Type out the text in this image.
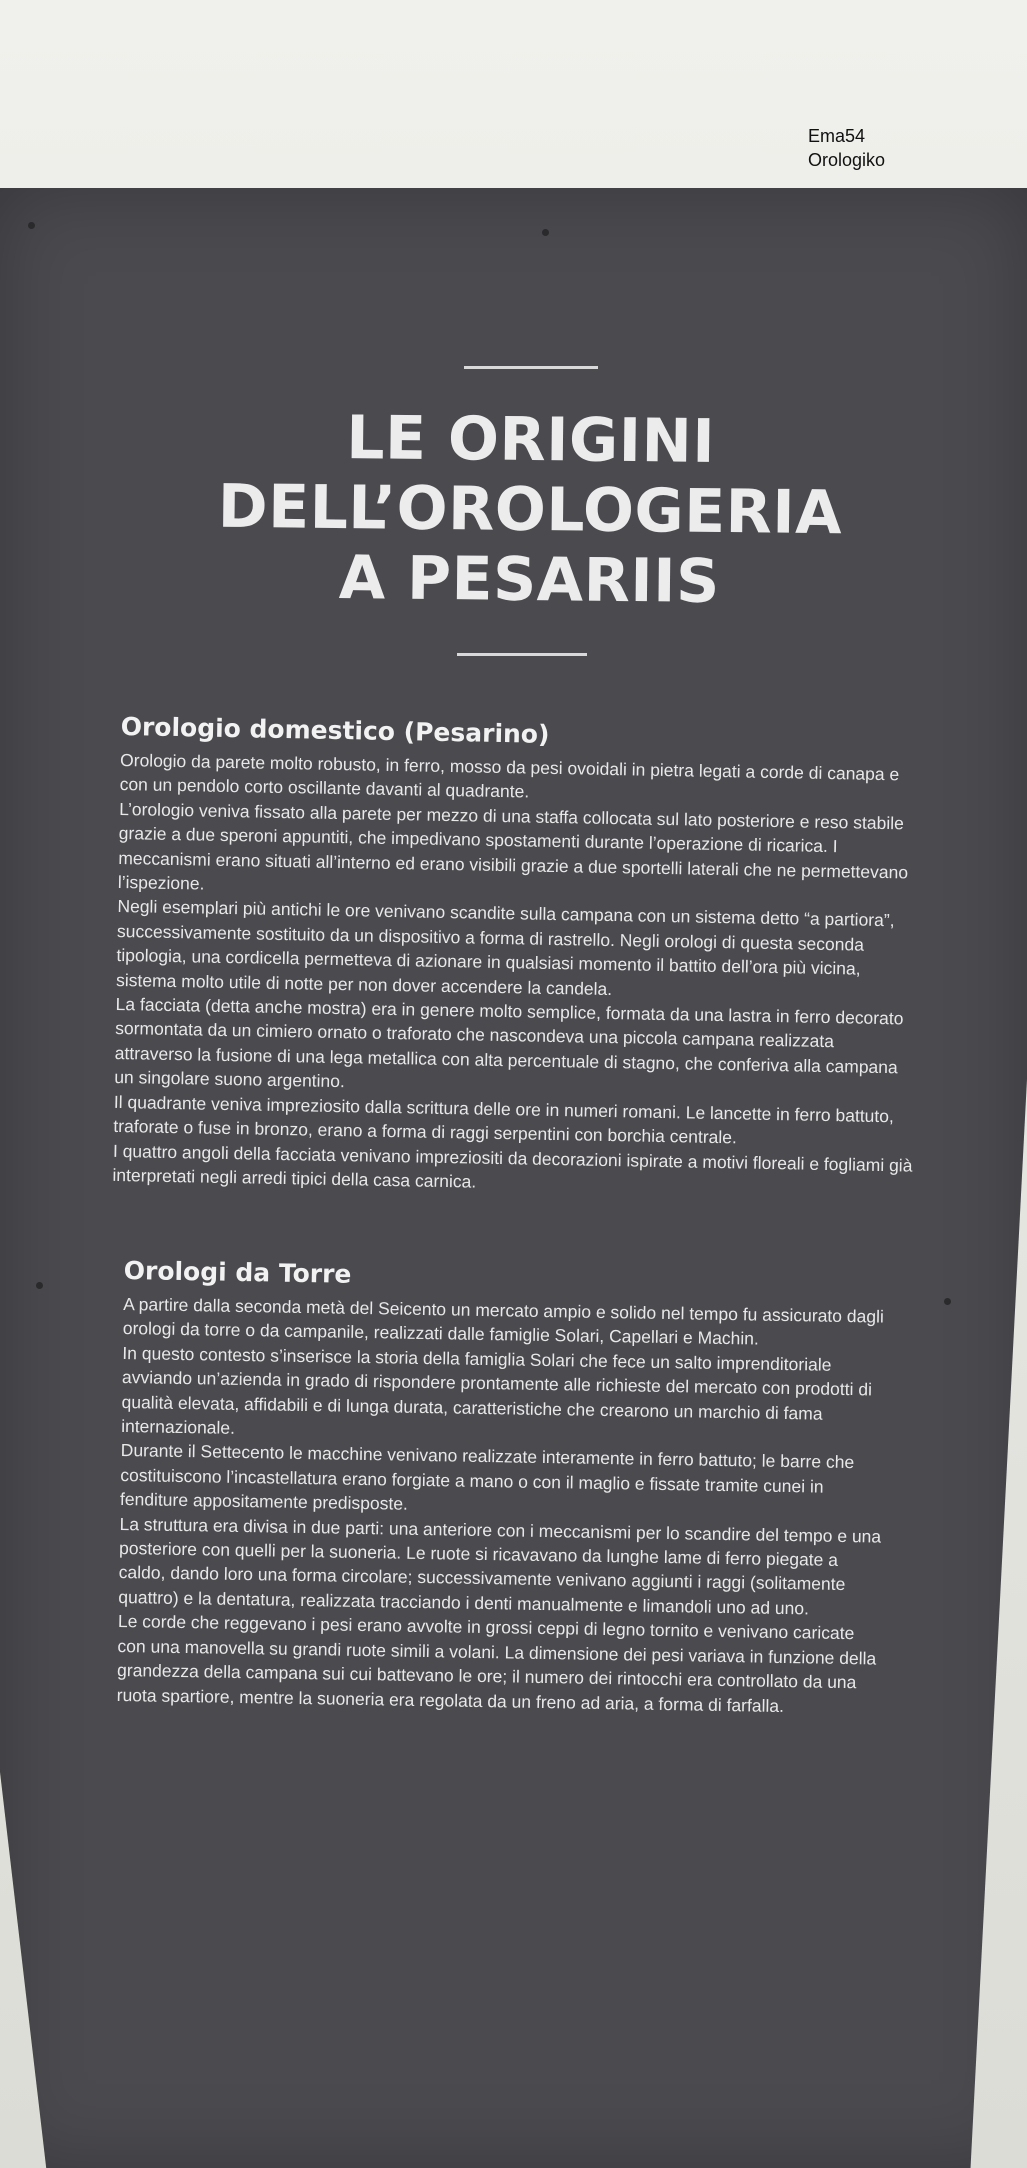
Ema54
Orologiko
LE ORIGINI
DELL’OROLOGERIA
A PESARIIS
Orologio domestico (Pesarino)

Orologio da parete molto robusto, in ferro, mosso da pesi ovoidali in pietra legati a corde di canapa e con un pendolo corto oscillante davanti al quadrante.

L’orologio veniva fissato alla parete per mezzo di una staffa collocata sul lato posteriore e reso stabile grazie a due speroni appuntiti, che impedivano spostamenti durante l’operazione di ricarica. I meccanismi erano situati all’interno ed erano visibili grazie a due sportelli laterali che ne permettevano l’ispezione.

Negli esemplari più antichi le ore venivano scandite sulla campana con un sistema detto “a partiora”, successivamente sostituito da un dispositivo a forma di rastrello. Negli orologi di questa seconda tipologia, una cordicella permetteva di azionare in qualsiasi momento il battito dell’ora più vicina, sistema molto utile di notte per non dover accendere la candela.

La facciata (detta anche mostra) era in genere molto semplice, formata da una lastra in ferro decorato sormontata da un cimiero ornato o traforato che nascondeva una piccola campana realizzata attraverso la fusione di una lega metallica con alta percentuale di stagno, che conferiva alla campana un singolare suono argentino.

Il quadrante veniva impreziosito dalla scrittura delle ore in numeri romani. Le lancette in ferro battuto, traforate o fuse in bronzo, erano a forma di raggi serpentini con borchia centrale.

I quattro angoli della facciata venivano impreziositi da decorazioni ispirate a motivi floreali e fogliami già interpretati negli arredi tipici della casa carnica.

Orologi da Torre

A partire dalla seconda metà del Seicento un mercato ampio e solido nel tempo fu assicurato dagli orologi da torre o da campanile, realizzati dalle famiglie Solari, Capellari e Machin.

In questo contesto s’inserisce la storia della famiglia Solari che fece un salto imprenditoriale avviando un’azienda in grado di rispondere prontamente alle richieste del mercato con prodotti di qualità elevata, affidabili e di lunga durata, caratteristiche che crearono un marchio di fama internazionale.

Durante il Settecento le macchine venivano realizzate interamente in ferro battuto; le barre che costituiscono l’incastellatura erano forgiate a mano o con il maglio e fissate tramite cunei in fenditure appositamente predisposte.

La struttura era divisa in due parti: una anteriore con i meccanismi per lo scandire del tempo e una posteriore con quelli per la suoneria. Le ruote si ricavavano da lunghe lame di ferro piegate a caldo, dando loro una forma circolare; successivamente venivano aggiunti i raggi (solitamente quattro) e la dentatura, realizzata tracciando i denti manualmente e limandoli uno ad uno.

Le corde che reggevano i pesi erano avvolte in grossi ceppi di legno tornito e venivano caricate con una manovella su grandi ruote simili a volani. La dimensione dei pesi variava in funzione della grandezza della campana sui cui battevano le ore; il numero dei rintocchi era controllato da una ruota spartiore, mentre la suoneria era regolata da un freno ad aria, a forma di farfalla.
